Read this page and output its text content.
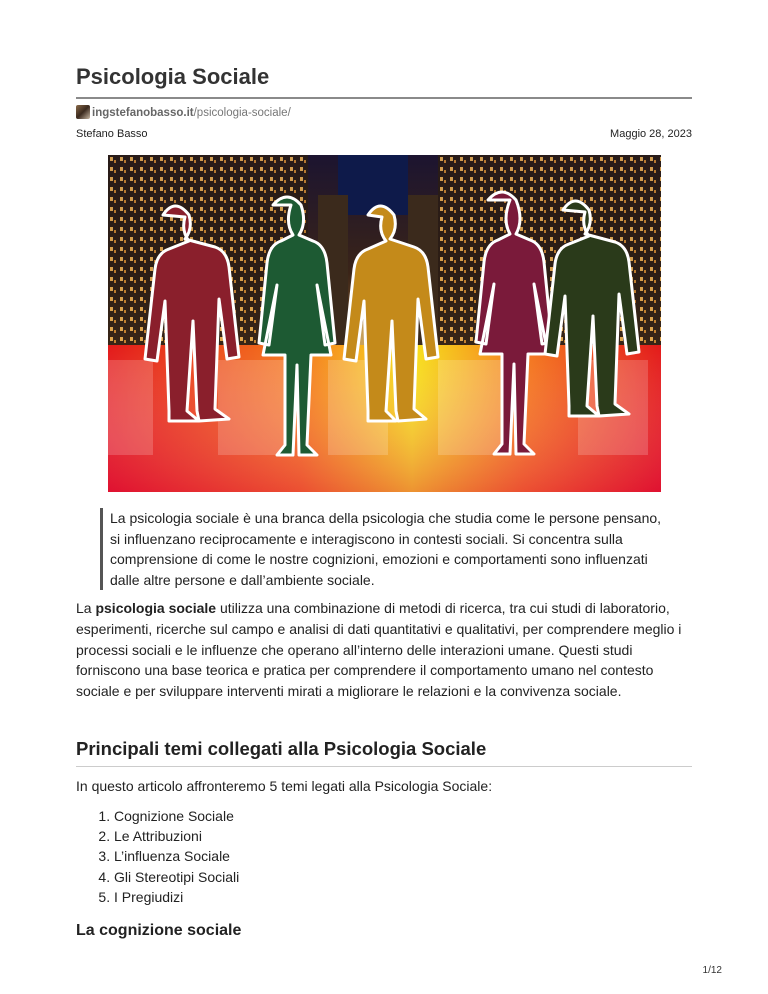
Psicologia Sociale
ingstefanobasso.it/psicologia-sociale/
Stefano Basso	Maggio 28, 2023

La psicologia sociale è una branca della psicologia che studia come le persone pensano, si influenzano reciprocamente e interagiscono in contesti sociali. Si concentra sulla comprensione di come le nostre cognizioni, emozioni e comportamenti sono influenzati dalle altre persone e dall’ambiente sociale.

La psicologia sociale utilizza una combinazione di metodi di ricerca, tra cui studi di laboratorio, esperimenti, ricerche sul campo e analisi di dati quantitativi e qualitativi, per comprendere meglio i processi sociali e le influenze che operano all’interno delle interazioni umane. Questi studi forniscono una base teorica e pratica per comprendere il comportamento umano nel contesto sociale e per sviluppare interventi mirati a migliorare le relazioni e la convivenza sociale.

Principali temi collegati alla Psicologia Sociale

In questo articolo affronteremo 5 temi legati alla Psicologia Sociale:

1. Cognizione Sociale
2. Le Attribuzioni
3. L’influenza Sociale
4. Gli Stereotipi Sociali
5. I Pregiudizi
La cognizione sociale
1/12
